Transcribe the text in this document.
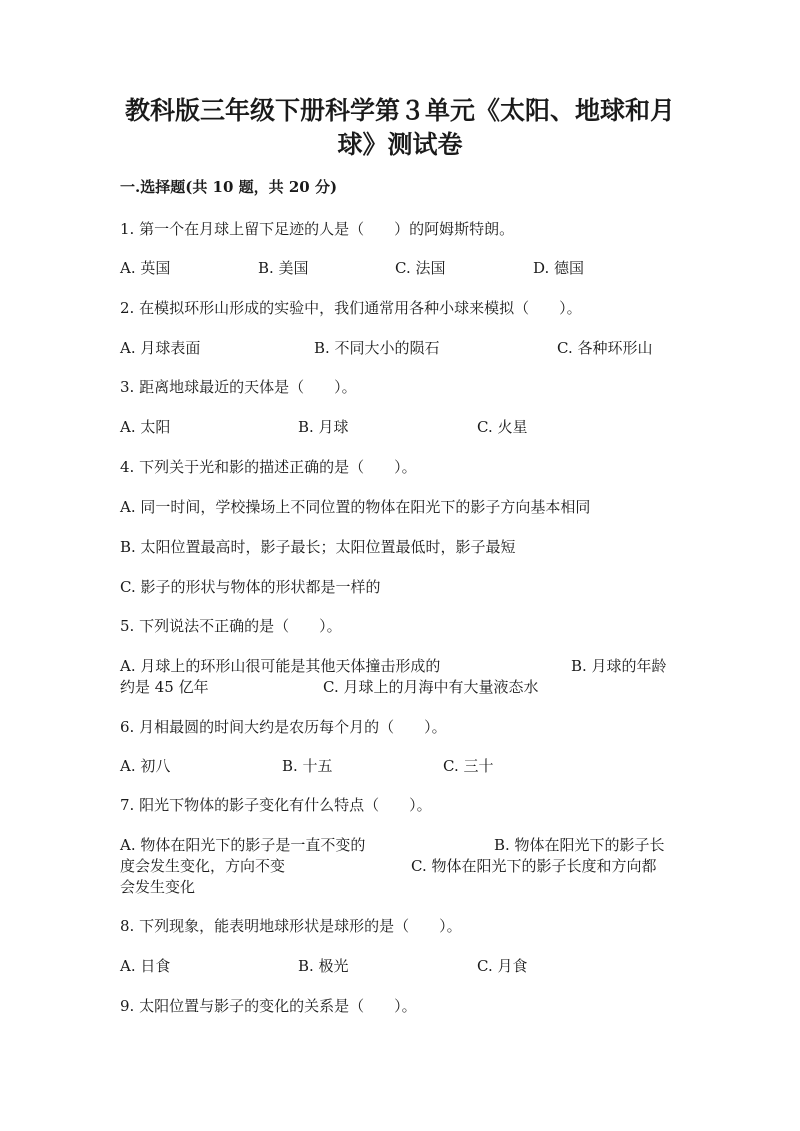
教科版三年级下册科学第３单元《太阳、地球和月
球》测试卷

一.选择题(共 10 题，共 20 分)

1. 第一个在月球上留下足迹的人是（　　）的阿姆斯特朗。

A. 英国	B. 美国	C. 法国	D. 德国

2. 在模拟环形山形成的实验中，我们通常用各种小球来模拟（　　）。

A. 月球表面	B. 不同大小的陨石	C. 各种环形山

3. 距离地球最近的天体是（　　）。

A. 太阳	B. 月球	C. 火星

4. 下列关于光和影的描述正确的是（　　）。

A. 同一时间，学校操场上不同位置的物体在阳光下的影子方向基本相同
B. 太阳位置最高时，影子最长；太阳位置最低时，影子最短
C. 影子的形状与物体的形状都是一样的

5. 下列说法不正确的是（　　）。

A. 月球上的环形山很可能是其他天体撞击形成的	B. 月球的年龄
约是 45 亿年	C. 月球上的月海中有大量液态水

6. 月相最圆的时间大约是农历每个月的（　　）。

A. 初八	B. 十五	C. 三十

7. 阳光下物体的影子变化有什么特点（　　）。

A. 物体在阳光下的影子是一直不变的	B. 物体在阳光下的影子长
度会发生变化，方向不变	C. 物体在阳光下的影子长度和方向都
会发生变化

8. 下列现象，能表明地球形状是球形的是（　　）。

A. 日食	B. 极光	C. 月食

9. 太阳位置与影子的变化的关系是（　　）。
